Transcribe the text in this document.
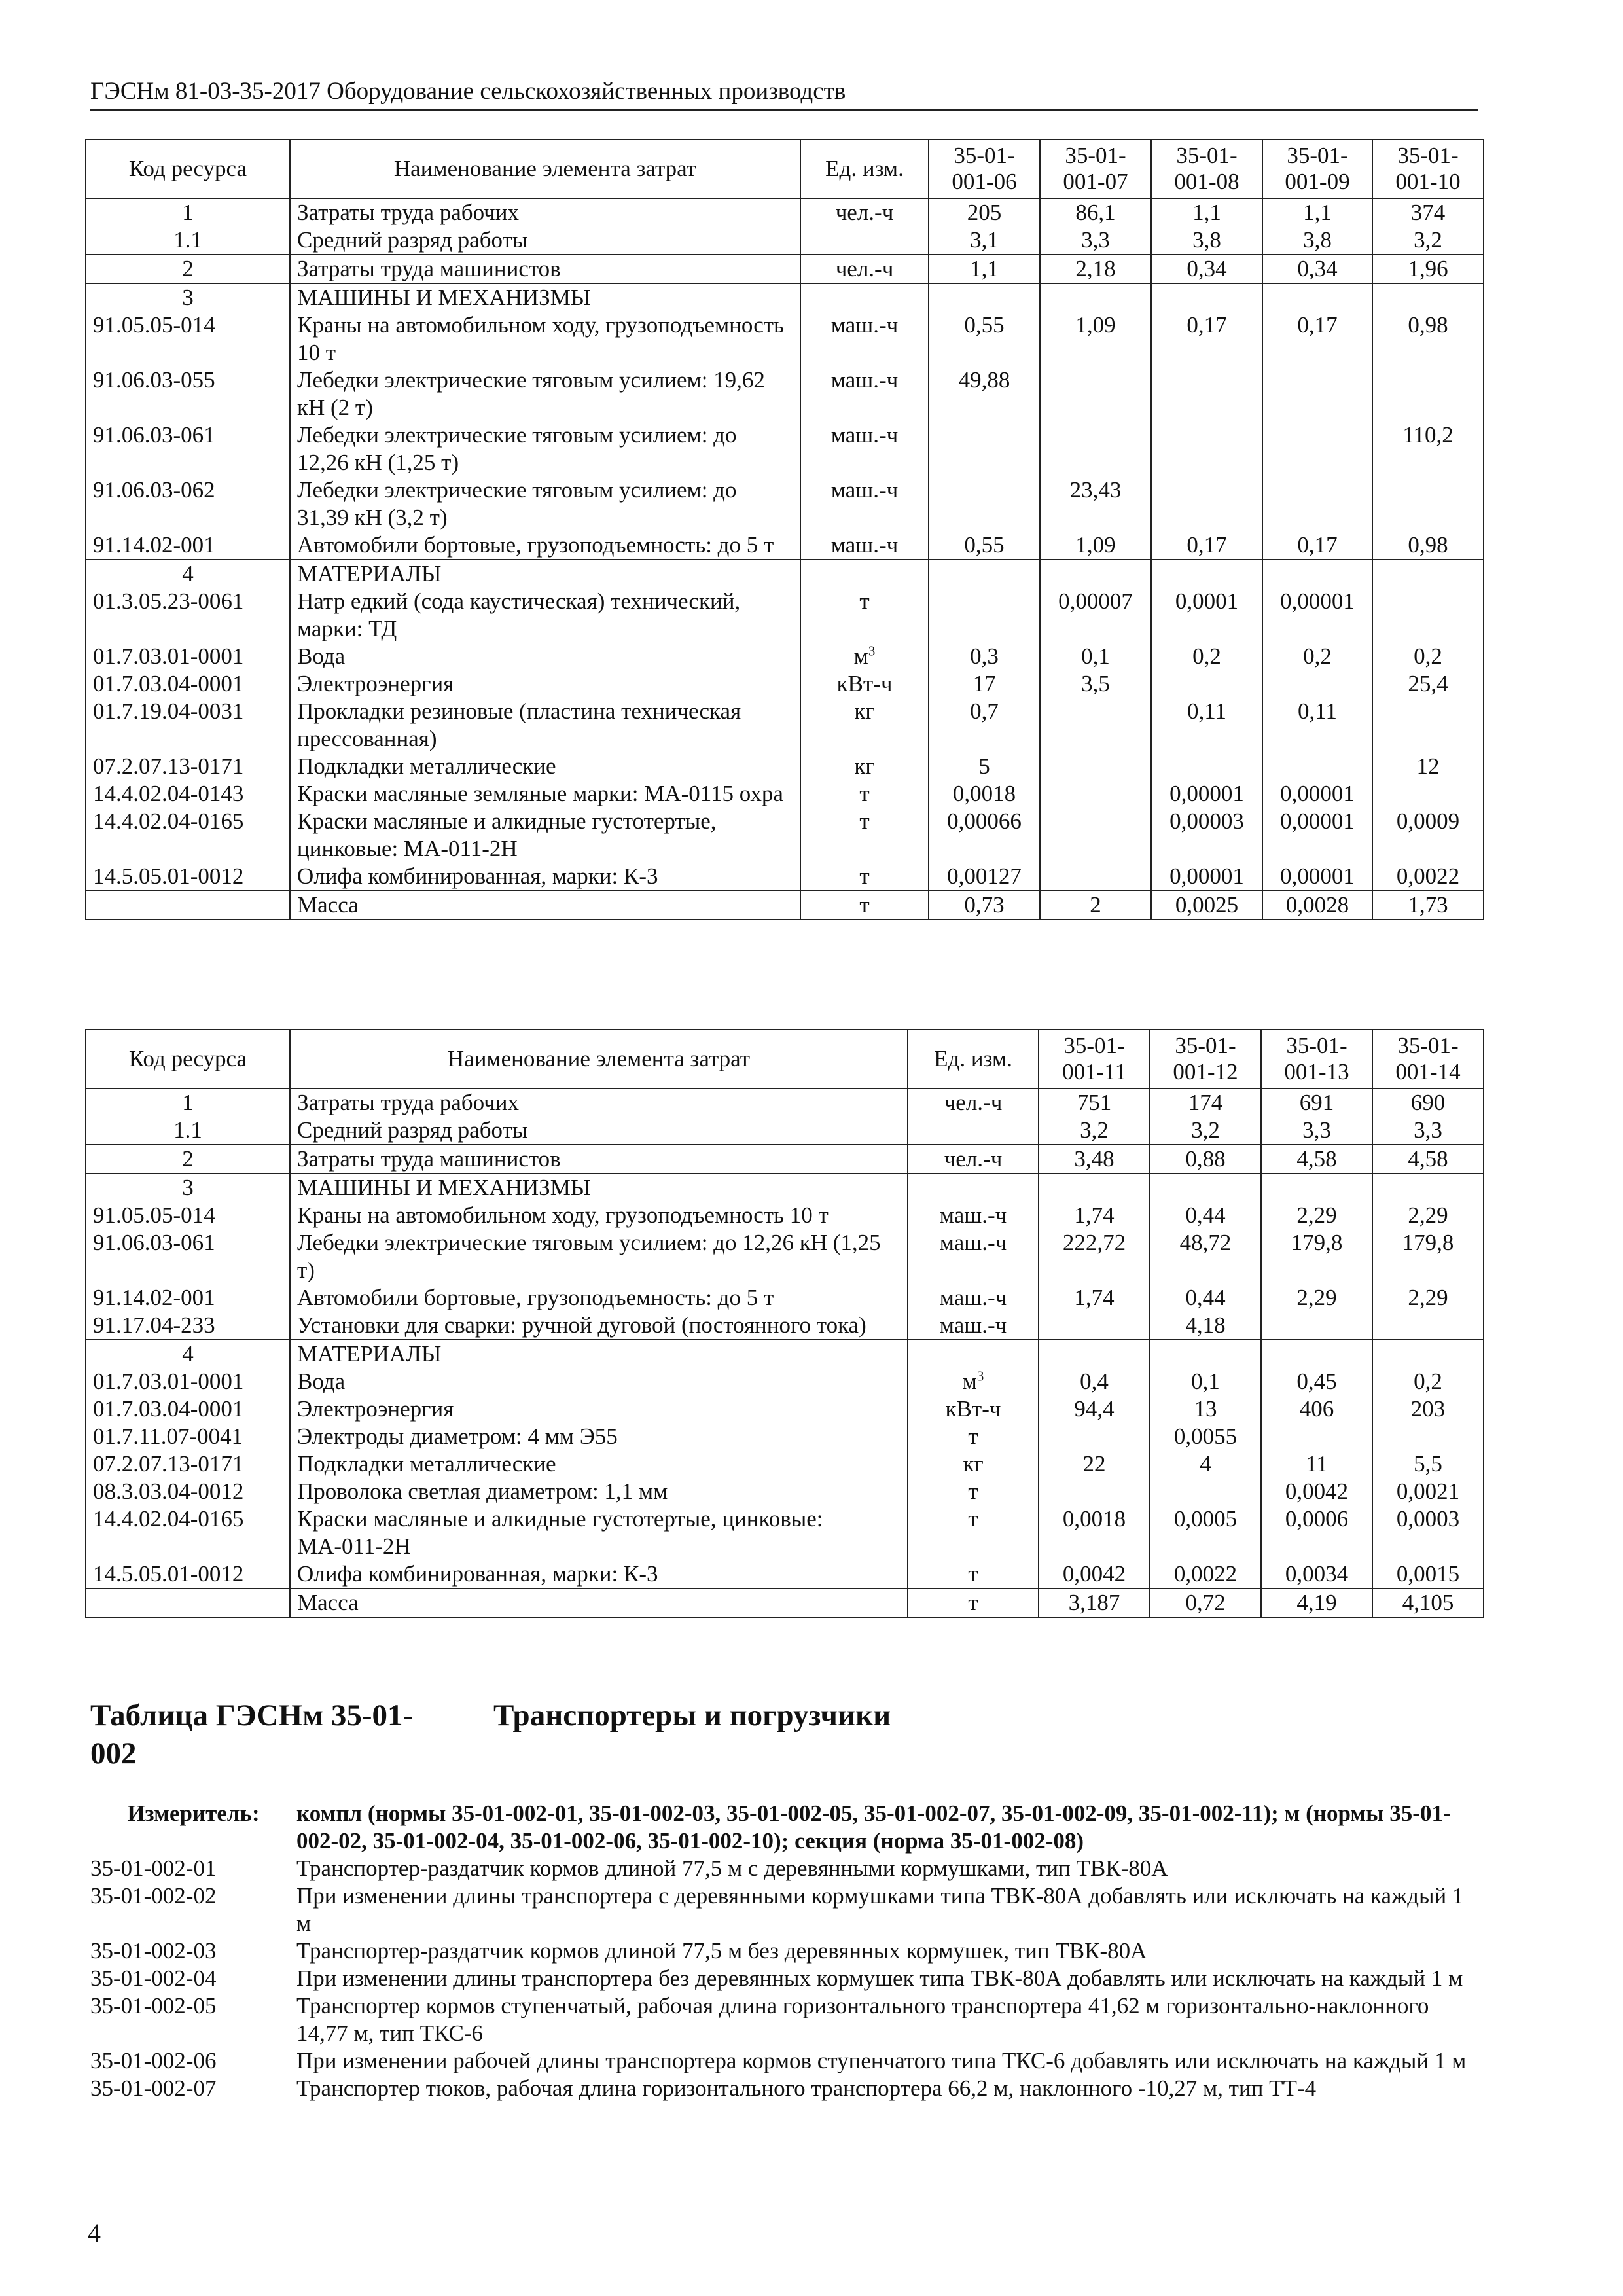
ГЭСНм 81-03-35-2017 Оборудование сельскохозяйственных производств
Код ресурса	Наименование элемента затрат	Ед. изм.	35-01-
001-06	35-01-
001-07	35-01-
001-08	35-01-
001-09	35-01-
001-10
1	Затраты труда рабочих	чел.-ч	205	86,1	1,1	1,1	374
1.1	Средний разряд работы		3,1	3,3	3,8	3,8	3,2
2	Затраты труда машинистов	чел.-ч	1,1	2,18	0,34	0,34	1,96
3	МАШИНЫ И МЕХАНИЗМЫ						
91.05.05-014	Краны на автомобильном ходу, грузоподъемность 10 т	маш.-ч	0,55	1,09	0,17	0,17	0,98
91.06.03-055	Лебедки электрические тяговым усилием: 19,62 кН (2 т)	маш.-ч	49,88				
91.06.03-061	Лебедки электрические тяговым усилием: до 12,26 кН (1,25 т)	маш.-ч					110,2
91.06.03-062	Лебедки электрические тяговым усилием: до 31,39 кН (3,2 т)	маш.-ч		23,43			
91.14.02-001	Автомобили бортовые, грузоподъемность: до 5 т	маш.-ч	0,55	1,09	0,17	0,17	0,98
4	МАТЕРИАЛЫ						
01.3.05.23-0061	Натр едкий (сода каустическая) технический, марки: ТД	т		0,00007	0,0001	0,00001	
01.7.03.01-0001	Вода	$м^3$	0,3	0,1	0,2	0,2	0,2
01.7.03.04-0001	Электроэнергия	кВт-ч	17	3,5			25,4
01.7.19.04-0031	Прокладки резиновые (пластина техническая прессованная)	кг	0,7		0,11	0,11	
07.2.07.13-0171	Подкладки металлические	кг	5				12
14.4.02.04-0143	Краски масляные земляные марки: МА-0115 охра	т	0,0018		0,00001	0,00001	
14.4.02.04-0165	Краски масляные и алкидные густотертые, цинковые: МА-011-2Н	т	0,00066		0,00003	0,00001	0,0009
14.5.05.01-0012	Олифа комбинированная, марки: К-3	т	0,00127		0,00001	0,00001	0,0022
	Масса	т	0,73	2	0,0025	0,0028	1,73
Код ресурса	Наименование элемента затрат	Ед. изм.	35-01-
001-11	35-01-
001-12	35-01-
001-13	35-01-
001-14
1	Затраты труда рабочих	чел.-ч	751	174	691	690
1.1	Средний разряд работы		3,2	3,2	3,3	3,3
2	Затраты труда машинистов	чел.-ч	3,48	0,88	4,58	4,58
3	МАШИНЫ И МЕХАНИЗМЫ					
91.05.05-014	Краны на автомобильном ходу, грузоподъемность 10 т	маш.-ч	1,74	0,44	2,29	2,29
91.06.03-061	Лебедки электрические тяговым усилием: до 12,26 кН (1,25 т)	маш.-ч	222,72	48,72	179,8	179,8
91.14.02-001	Автомобили бортовые, грузоподъемность: до 5 т	маш.-ч	1,74	0,44	2,29	2,29
91.17.04-233	Установки для сварки: ручной дуговой (постоянного тока)	маш.-ч		4,18		
4	МАТЕРИАЛЫ					
01.7.03.01-0001	Вода	$м^3$	0,4	0,1	0,45	0,2
01.7.03.04-0001	Электроэнергия	кВт-ч	94,4	13	406	203
01.7.11.07-0041	Электроды диаметром: 4 мм Э55	т		0,0055		
07.2.07.13-0171	Подкладки металлические	кг	22	4	11	5,5
08.3.03.04-0012	Проволока светлая диаметром: 1,1 мм	т			0,0042	0,0021
14.4.02.04-0165	Краски масляные и алкидные густотертые, цинковые: МА-011-2Н	т	0,0018	0,0005	0,0006	0,0003
14.5.05.01-0012	Олифа комбинированная, марки: К-3	т	0,0042	0,0022	0,0034	0,0015
	Масса	т	3,187	0,72	4,19	4,105
Таблица ГЭСНм 35-01-
002
Транспортеры и погрузчики
Измеритель:	компл (нормы 35-01-002-01, 35-01-002-03, 35-01-002-05, 35-01-002-07, 35-01-002-09, 35-01-002-11); м (нормы 35-01-002-02, 35-01-002-04, 35-01-002-06, 35-01-002-10); секция (норма 35-01-002-08)
35-01-002-01	Транспортер-раздатчик кормов длиной 77,5 м с деревянными кормушками, тип ТВК-80А
35-01-002-02	При изменении длины транспортера с деревянными кормушками типа ТВК-80А добавлять или исключать на каждый 1 м
35-01-002-03	Транспортер-раздатчик кормов длиной 77,5 м без деревянных кормушек, тип ТВК-80А
35-01-002-04	При изменении длины транспортера без деревянных кормушек типа ТВК-80А добавлять или исключать на каждый 1 м
35-01-002-05	Транспортер кормов ступенчатый, рабочая длина горизонтального транспортера 41,62 м горизонтально-наклонного 14,77 м, тип ТКС-6
35-01-002-06	При изменении рабочей длины транспортера кормов ступенчатого типа ТКС-6 добавлять или исключать на каждый 1 м
35-01-002-07	Транспортер тюков, рабочая длина горизонтального транспортера 66,2 м, наклонного -10,27 м, тип ТТ-4
4
